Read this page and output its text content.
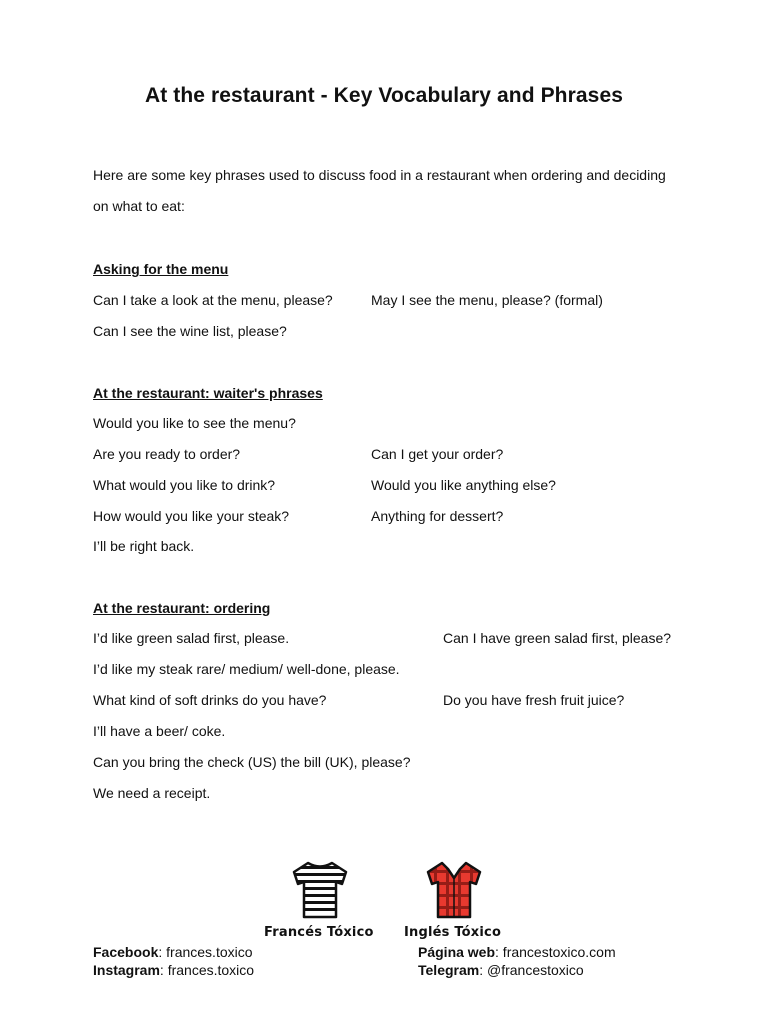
At the restaurant - Key Vocabulary and Phrases
Here are some key phrases used to discuss food in a restaurant when ordering and deciding
on what to eat:
Asking for the menu
Can I take a look at the menu, please?	May I see the menu, please? (formal)
Can I see the wine list, please?
At the restaurant: waiter's phrases
Would you like to see the menu?
Are you ready to order?	Can I get your order?
What would you like to drink?	Would you like anything else?
How would you like your steak?	Anything for dessert?
I’ll be right back.
At the restaurant: ordering
I’d like green salad first, please.	Can I have green salad first, please?
I’d like my steak rare/ medium/ well-done, please.
What kind of soft drinks do you have?	Do you have fresh fruit juice?
I’ll have a beer/ coke.
Can you bring the check (US) the bill (UK), please?
We need a receipt.
Francés Tóxico Inglés Tóxico
Facebook: frances.toxico
Instagram: frances.toxico
Página web: francestoxico.com
Telegram: @francestoxico
